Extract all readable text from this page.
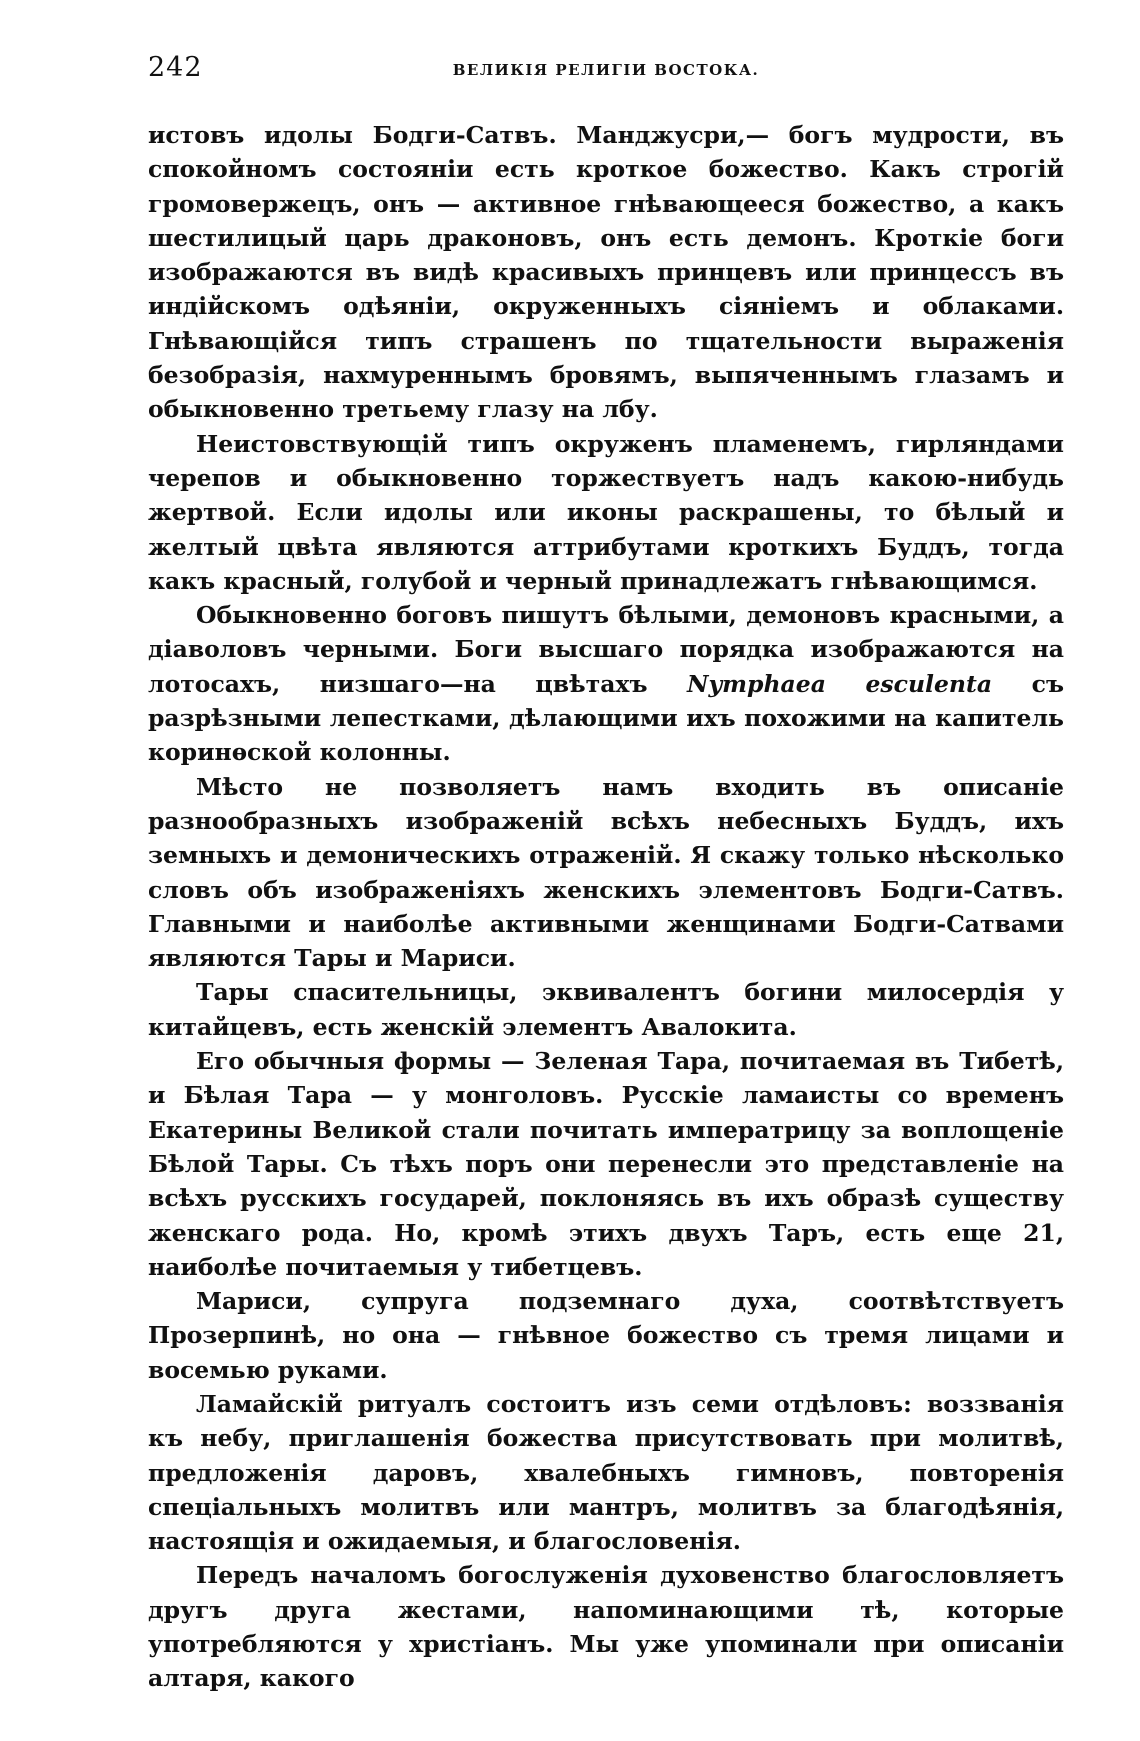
242	ВЕЛИКІЯ РЕЛИГІИ ВОСТОКА.

истовъ идолы Бодги-Сатвъ. Манджусри,— богъ мудрости, въ спокойномъ состояніи есть кроткое божество. Какъ строгій громовержецъ, онъ — активное гнѣвающееся божество, а какъ шестилицый царь драконовъ, онъ есть демонъ. Кроткіе боги изображаются въ видѣ красивыхъ принцевъ или принцессъ въ индійскомъ одѣяніи, окруженныхъ сіяніемъ и облаками. Гнѣвающійся типъ страшенъ по тщательности выраженія безобразія, нахмуреннымъ бровямъ, выпяченнымъ глазамъ и обыкновенно третьему глазу на лбу.

Неистовствующій типъ окруженъ пламенемъ, гирляндами черепов и обыкновенно торжествуетъ надъ какою-нибудь жертвой. Если идолы или иконы раскрашены, то бѣлый и желтый цвѣта являются аттрибутами кроткихъ Буддъ, тогда какъ красный, голубой и черный принадлежатъ гнѣвающимся.

Обыкновенно боговъ пишутъ бѣлыми, демоновъ красными, а діаволовъ черными. Боги высшаго порядка изображаются на лотосахъ, низшаго—на цвѣтахъ Nymphaea esculenta съ разрѣзными лепестками, дѣлающими ихъ похожими на капитель коринѳской колонны.

Мѣсто не позволяетъ намъ входить въ описаніе разнообразныхъ изображеній всѣхъ небесныхъ Буддъ, ихъ земныхъ и демоническихъ отраженій. Я скажу только нѣсколько словъ объ изображеніяхъ женскихъ элементовъ Бодги-Сатвъ. Главными и наиболѣе активными женщинами Бодги-Сатвами являются Тары и Мариси.

Тары спасительницы, эквивалентъ богини милосердія у китайцевъ, есть женскій элементъ Авалокита.

Его обычныя формы — Зеленая Тара, почитаемая въ Тибетѣ, и Бѣлая Тара — у монголовъ. Русскіе ламаисты со временъ Екатерины Великой стали почитать императрицу за воплощеніе Бѣлой Тары. Съ тѣхъ поръ они перенесли это представленіе на всѣхъ русскихъ государей, поклоняясь въ ихъ образѣ существу женскаго рода. Но, кромѣ этихъ двухъ Таръ, есть еще 21, наиболѣе почитаемыя у тибетцевъ.

Мариси, супруга подземнаго духа, соотвѣтствуетъ Прозерпинѣ, но она — гнѣвное божество съ тремя лицами и восемью руками.

Ламайскій ритуалъ состоитъ изъ семи отдѣловъ: воззванія къ небу, приглашенія божества присутствовать при молитвѣ, предложенія даровъ, хвалебныхъ гимновъ, повторенія спеціальныхъ молитвъ или мантръ, молитвъ за благодѣянія, настоящія и ожидаемыя, и благословенія.

Передъ началомъ богослуженія духовенство благословляетъ другъ друга жестами, напоминающими тѣ, которые употребляются у христіанъ. Мы уже упоминали при описаніи алтаря, какого
